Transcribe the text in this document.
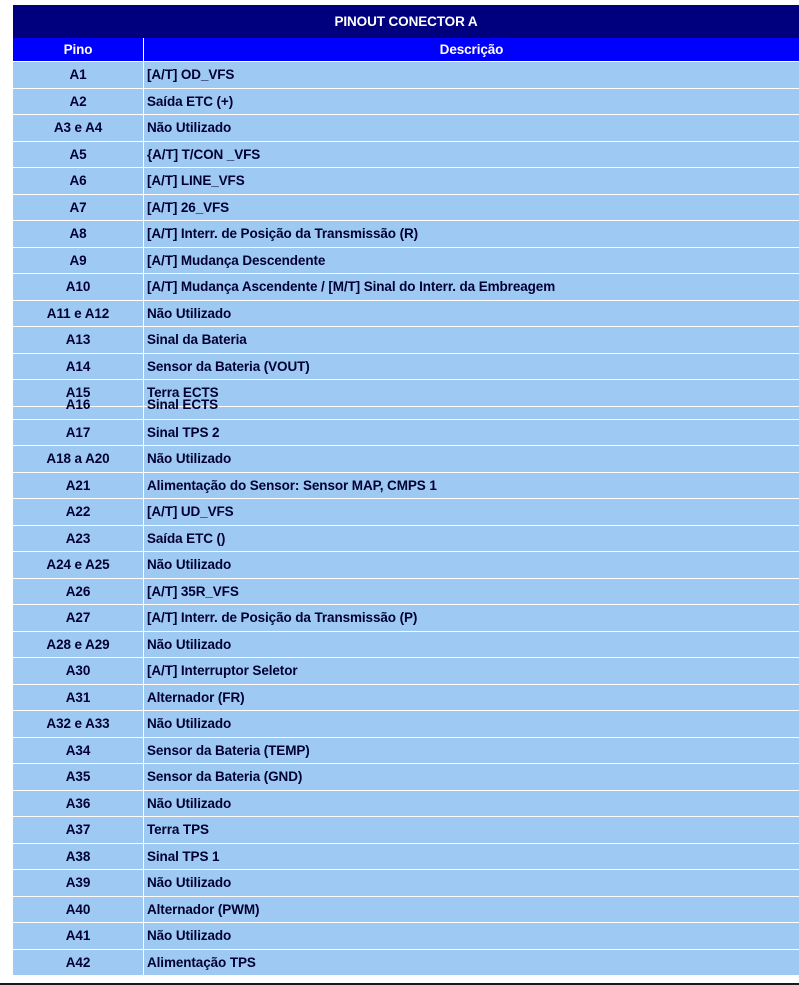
PINOUT CONECTOR A	
Pino	Descrição
A1	[A/T] OD_VFS
A2	Saída ETC (+)
A3 e A4	Não Utilizado
A5	{A/T] T/CON _VFS
A6	[A/T] LINE_VFS
A7	[A/T] 26_VFS
A8	[A/T] Interr. de Posição da Transmissão (R)
A9	[A/T] Mudança Descendente
A10	[A/T] Mudança Ascendente / [M/T] Sinal do Interr. da Embreagem
A11 e A12	Não Utilizado
A13	Sinal da Bateria
A14	Sensor da Bateria (VOUT)
A15	Terra ECTS
A16	Sinal ECTS
A17	Sinal TPS 2
A18 a A20	Não Utilizado
A21	Alimentação do Sensor: Sensor MAP, CMPS 1
A22	[A/T] UD_VFS
A23	Saída ETC ()
A24 e A25	Não Utilizado
A26	[A/T] 35R_VFS
A27	[A/T] Interr. de Posição da Transmissão (P)
A28 e A29	Não Utilizado
A30	[A/T] Interruptor Seletor
A31	Alternador (FR)
A32 e A33	Não Utilizado
A34	Sensor da Bateria (TEMP)
A35	Sensor da Bateria (GND)
A36	Não Utilizado
A37	Terra TPS
A38	Sinal TPS 1
A39	Não Utilizado
A40	Alternador (PWM)
A41	Não Utilizado
A42	Alimentação TPS
